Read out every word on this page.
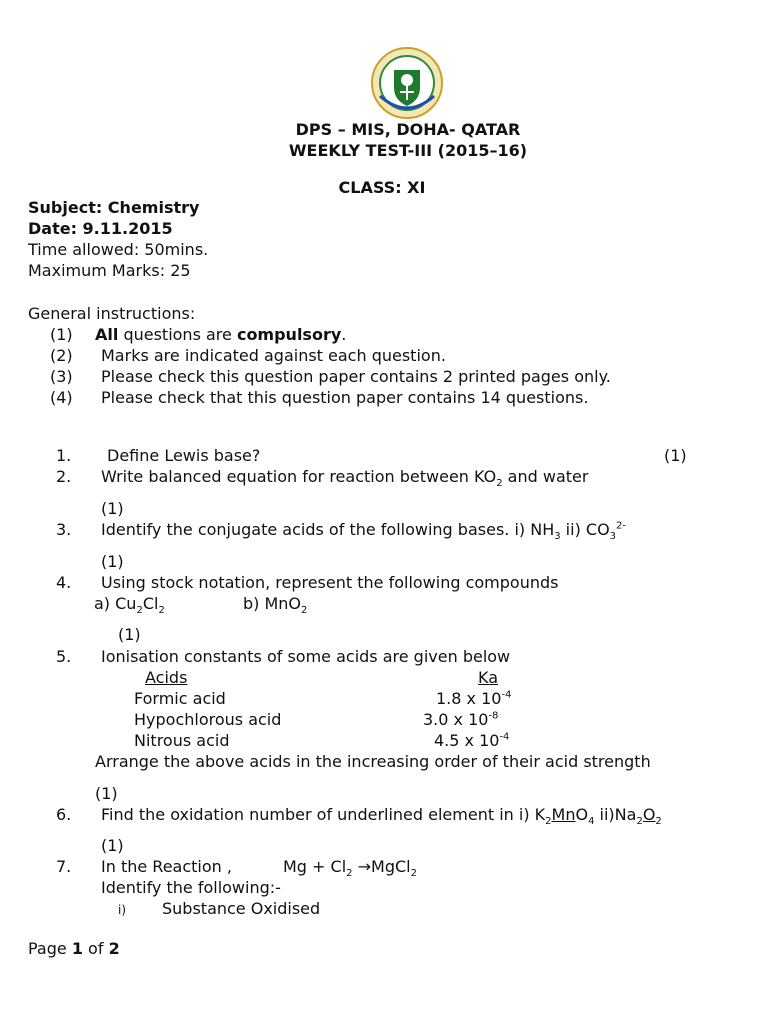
DPS – MIS, DOHA- QATAR
WEEKLY TEST-III (2015–16)
CLASS: XI
Subject: Chemistry
Date: 9.11.2015
Time allowed: 50mins.
Maximum Marks: 25
General instructions:
(1) All questions are compulsory.
(2) Marks are indicated against each question.
(3) Please check this question paper contains 2 printed pages only.
(4) Please check that this question paper contains 14 questions.
1. Define Lewis base?	(1)
2. Write balanced equation for reaction between $KO_2$ and water
(1)
3. Identify the conjugate acids of the following bases. i) $NH_3$ ii) $CO_3^{2-}$
(1)
4. Using stock notation, represent the following compounds
a) $Cu_2Cl_2$	b) MnO$_2$
(1)
5. Ionisation constants of some acids are given below
Acids	Ka
Formic acid	1.8 x $10^{-4}$
Hypochlorous acid	3.0 x $10^{-8}$
Nitrous acid	4.5 x $10^{-4}$
Arrange the above acids in the increasing order of their acid strength
(1)
6. Find the oxidation number of underlined element in i) $K_2MnO_4$ $ii)Na_2O_2$
(1)
7. In the Reaction ,	$Mg + Cl_2$ →MgCl$_2$
Identify the following:-
i) Substance Oxidised
Page 1 of 2
